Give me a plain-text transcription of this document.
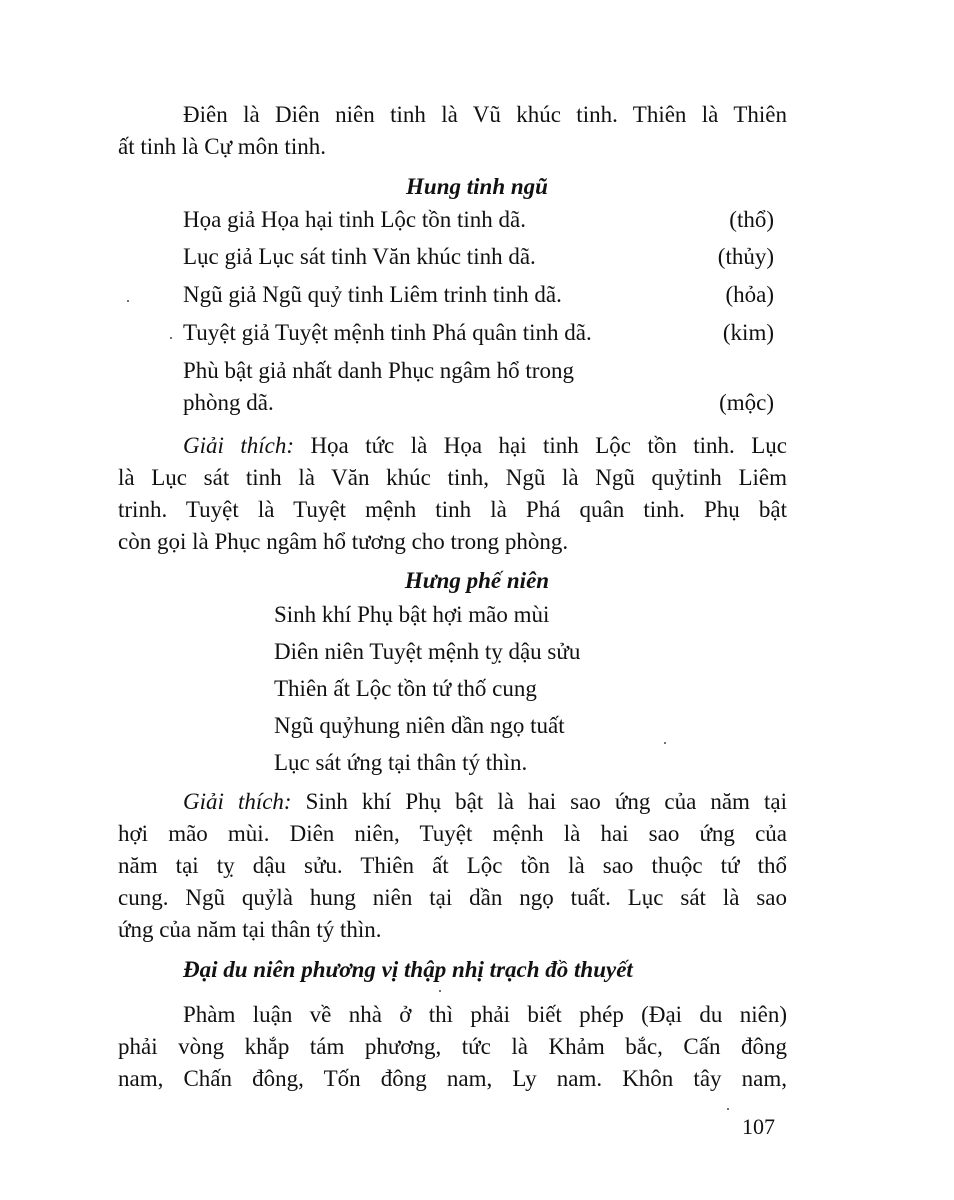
Điên là Diên niên tinh là Vũ khúc tinh. Thiên là Thiên
ất tinh là Cự môn tinh.
Hung tinh ngũ
Họa giả Họa hại tinh Lộc tồn tinh dã.	(thổ)
Lục giả Lục sát tinh Văn khúc tinh dã.	(thủy)
Ngũ giả Ngũ quỷ tinh Liêm trinh tinh dã.	(hỏa)
Tuyệt giả Tuyệt mệnh tinh Phá quân tinh dã.	(kim)
Phù bật giả nhất danh Phục ngâm hổ trong
phòng dã.	(mộc)
Giải thích: Họa tức là Họa hại tinh Lộc tồn tinh. Lục
là Lục sát tinh là Văn khúc tinh, Ngũ là Ngũ quỷtinh Liêm
trinh. Tuyệt là Tuyệt mệnh tinh là Phá quân tinh. Phụ bật
còn gọi là Phục ngâm hổ tương cho trong phòng.
Hưng phế niên
Sinh khí Phụ bật hợi mão mùi
Diên niên Tuyệt mệnh tỵ dậu sửu
Thiên ất Lộc tồn tứ thố cung
Ngũ quỷhung niên dần ngọ tuất
Lục sát ứng tại thân tý thìn.
Giải thích: Sinh khí Phụ bật là hai sao ứng của năm tại
hợi mão mùi. Diên niên, Tuyệt mệnh là hai sao ứng của
năm tại tỵ dậu sửu. Thiên ất Lộc tồn là sao thuộc tứ thổ
cung. Ngũ quỷlà hung niên tại dần ngọ tuất. Lục sát là sao
ứng của năm tại thân tý thìn.
Đại du niên phương vị thập nhị trạch đồ thuyết
Phàm luận về nhà ở thì phải biết phép (Đại du niên)
phải vòng khắp tám phương, tức là Khảm bắc, Cấn đông
nam, Chấn đông, Tốn đông nam, Ly nam. Khôn tây nam,
107
